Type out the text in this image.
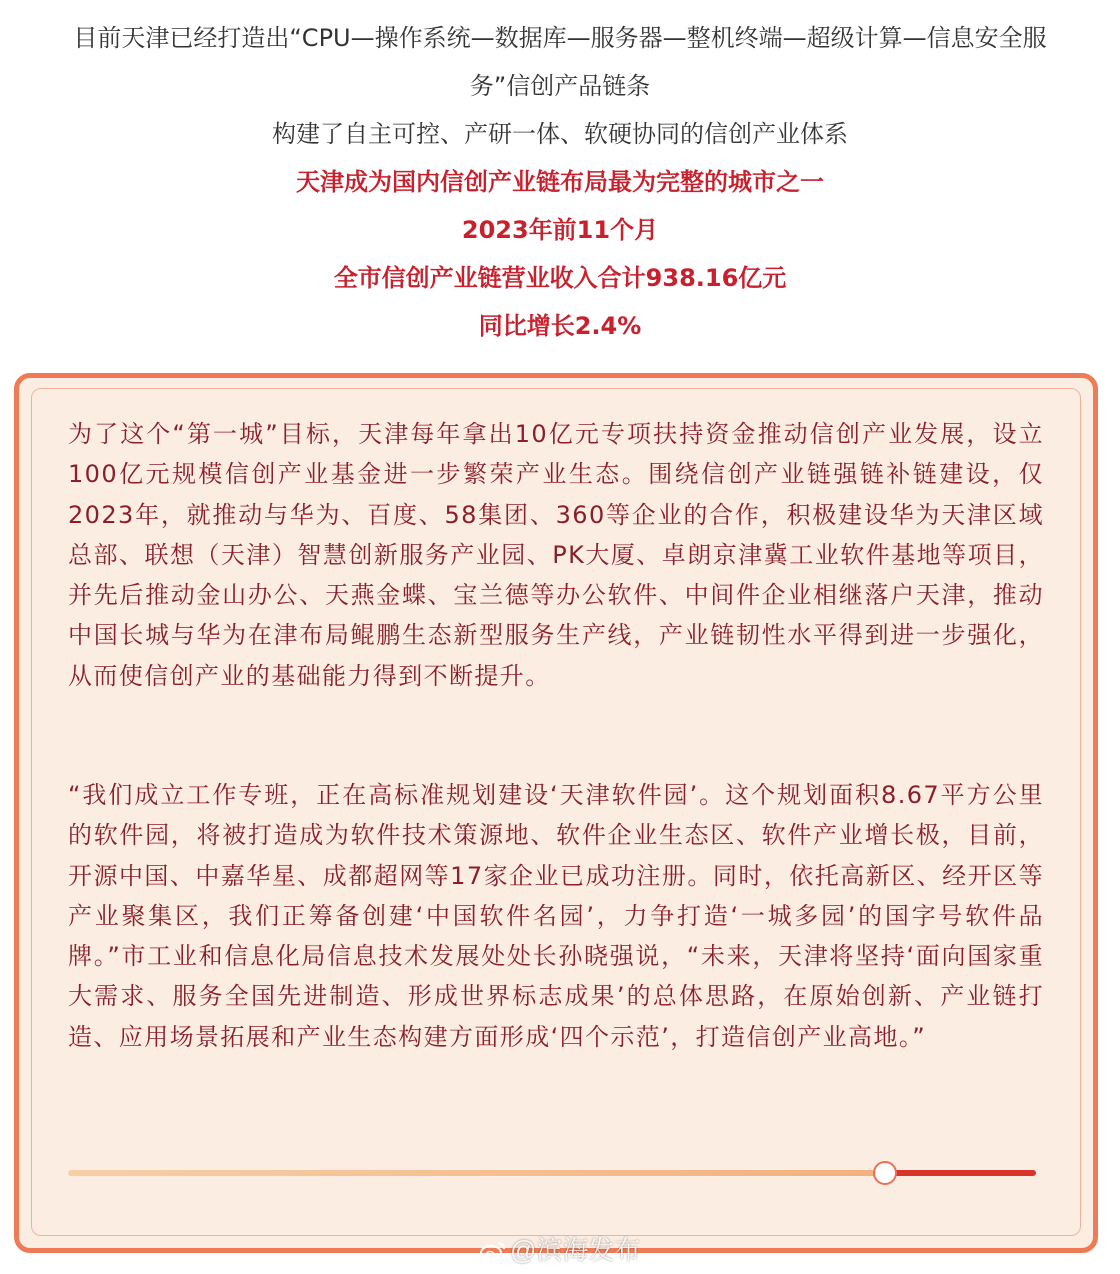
目前天津已经打造出“CPU—操作系统—数据库—服务器—整机终端—超级计算—信息安全服
务”信创产品链条
构建了自主可控、产研一体、软硬协同的信创产业体系
天津成为国内信创产业链布局最为完整的城市之一
2023年前11个月
全市信创产业链营业收入合计938.16亿元
同比增长2.4%

为了这个“第一城”目标，天津每年拿出10亿元专项扶持资金推动信创产业发展，设立100亿元规模信创产业基金进一步繁荣产业生态。围绕信创产业链强链补链建设，仅2023年，就推动与华为、百度、58集团、360等企业的合作，积极建设华为天津区域总部、联想（天津）智慧创新服务产业园、PK大厦、卓朗京津冀工业软件基地等项目，并先后推动金山办公、天燕金蝶、宝兰德等办公软件、中间件企业相继落户天津，推动中国长城与华为在津布局鲲鹏生态新型服务生产线，产业链韧性水平得到进一步强化，从而使信创产业的基础能力得到不断提升。

“我们成立工作专班，正在高标准规划建设‘天津软件园’。这个规划面积8.67平方公里的软件园，将被打造成为软件技术策源地、软件企业生态区、软件产业增长极，目前，开源中国、中嘉华星、成都超网等17家企业已成功注册。同时，依托高新区、经开区等产业聚集区，我们正筹备创建‘中国软件名园’，力争打造‘一城多园’的国字号软件品牌。”市工业和信息化局信息技术发展处处长孙晓强说，“未来，天津将坚持‘面向国家重大需求、服务全国先进制造、形成世界标志成果’的总体思路，在原始创新、产业链打造、应用场景拓展和产业生态构建方面形成‘四个示范’，打造信创产业高地。”

@滨海发布
